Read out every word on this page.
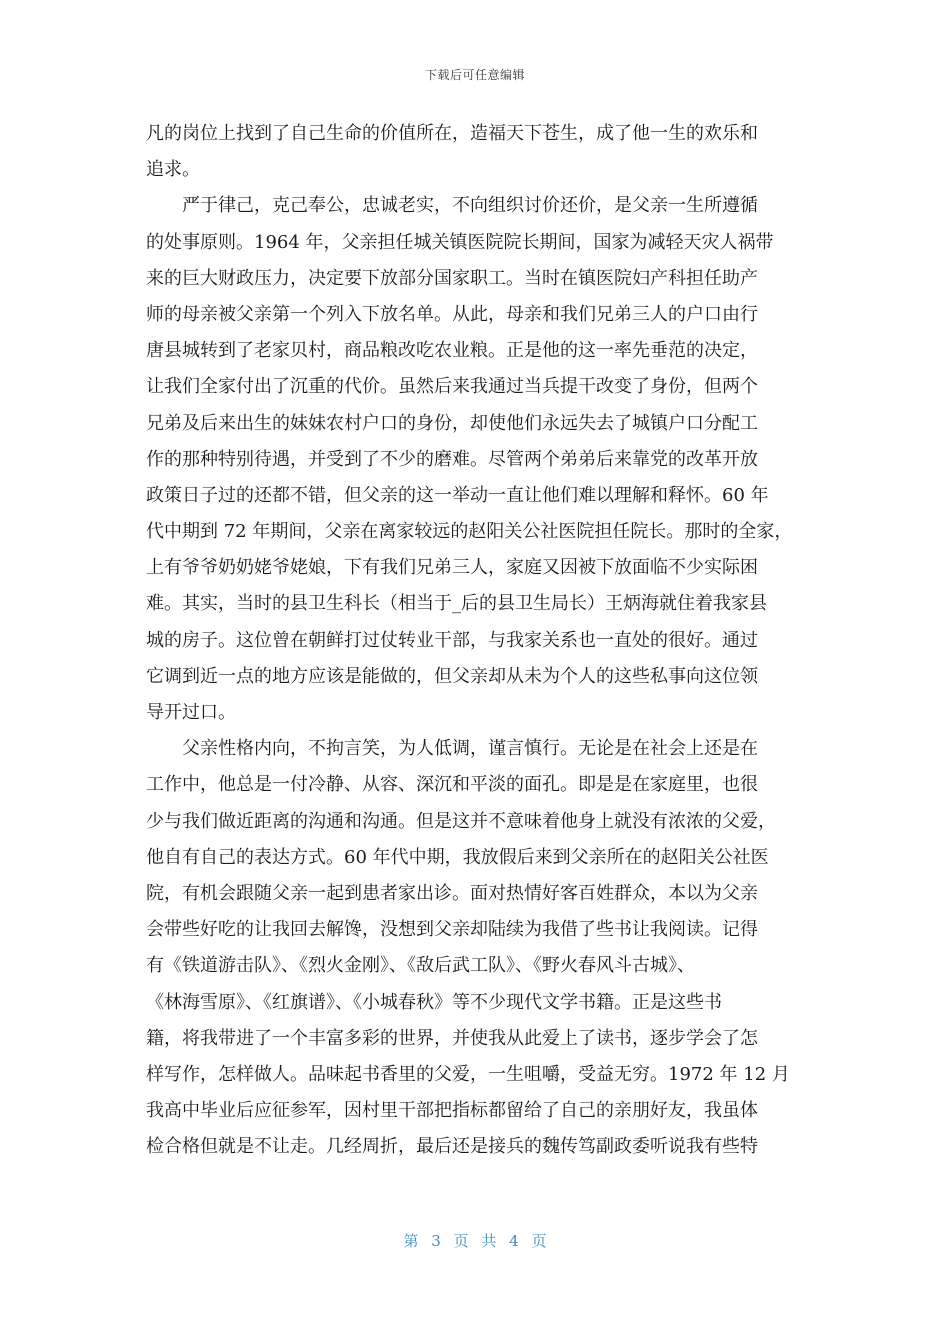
下载后可任意编辑
凡的岗位上找到了自己生命的价值所在，造福天下苍生，成了他一生的欢乐和
追求。
严于律己，克己奉公，忠诚老实，不向组织讨价还价，是父亲一生所遵循
的处事原则。1964 年，父亲担任城关镇医院院长期间，国家为减轻天灾人祸带
来的巨大财政压力，决定要下放部分国家职工。当时在镇医院妇产科担任助产
师的母亲被父亲第一个列入下放名单。从此，母亲和我们兄弟三人的户口由行
唐县城转到了老家贝村，商品粮改吃农业粮。正是他的这一率先垂范的决定，
让我们全家付出了沉重的代价。虽然后来我通过当兵提干改变了身份，但两个
兄弟及后来出生的妹妹农村户口的身份，却使他们永远失去了城镇户口分配工
作的那种特别待遇，并受到了不少的磨难。尽管两个弟弟后来靠党的改革开放
政策日子过的还都不错，但父亲的这一举动一直让他们难以理解和释怀。60 年
代中期到 72 年期间，父亲在离家较远的赵阳关公社医院担任院长。那时的全家，
上有爷爷奶奶姥爷姥娘，下有我们兄弟三人，家庭又因被下放面临不少实际困
难。其实，当时的县卫生科长（相当于_后的县卫生局长）王炳海就住着我家县
城的房子。这位曾在朝鲜打过仗转业干部，与我家关系也一直处的很好。通过
它调到近一点的地方应该是能做的，但父亲却从未为个人的这些私事向这位领
导开过口。
父亲性格内向，不拘言笑，为人低调，谨言慎行。无论是在社会上还是在
工作中，他总是一付冷静、从容、深沉和平淡的面孔。即是是在家庭里，也很
少与我们做近距离的沟通和沟通。但是这并不意味着他身上就没有浓浓的父爱，
他自有自己的表达方式。60 年代中期，我放假后来到父亲所在的赵阳关公社医
院，有机会跟随父亲一起到患者家出诊。面对热情好客百姓群众，本以为父亲
会带些好吃的让我回去解馋，没想到父亲却陆续为我借了些书让我阅读。记得
有《铁道游击队》、《烈火金刚》、《敌后武工队》、《野火春风斗古城》、
《林海雪原》、《红旗谱》、《小城春秋》等不少现代文学书籍。正是这些书
籍，将我带进了一个丰富多彩的世界，并使我从此爱上了读书，逐步学会了怎
样写作，怎样做人。品味起书香里的父爱，一生咀嚼，受益无穷。1972 年 12 月
我高中毕业后应征参军，因村里干部把指标都留给了自己的亲朋好友，我虽体
检合格但就是不让走。几经周折，最后还是接兵的魏传笃副政委听说我有些特
第 3 页 共 4 页
